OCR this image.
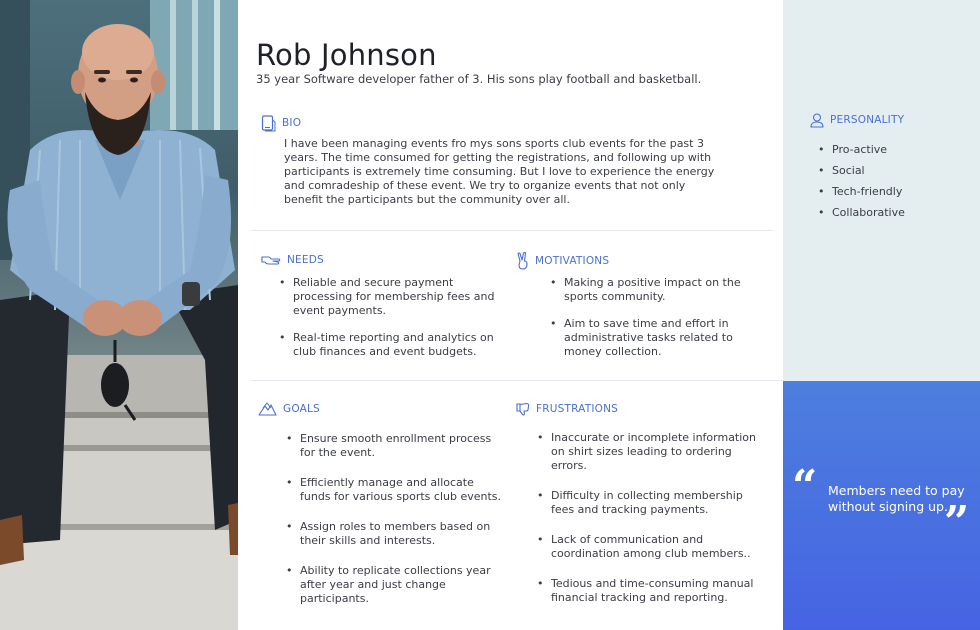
Rob Johnson
35 year Software developer father of 3. His sons play football and basketball.
BIO
I have been managing events fro mys sons sports club events for the past 3 years. The time consumed for getting the registrations, and following up with participants is extremely time consuming. But I love to experience the energy and comradeship of these event. We try to organize events that not only benefit the participants but the community over all.
NEEDS
• Reliable and secure payment processing for membership fees and event payments.
• Real-time reporting and analytics on club finances and event budgets.
MOTIVATIONS
• Making a positive impact on the sports community.
• Aim to save time and effort in administrative tasks related to money collection.
GOALS
• Ensure smooth enrollment process for the event.
• Efficiently manage and allocate funds for various sports club events.
• Assign roles to members based on their skills and interests.
• Ability to replicate collections year after year and just change participants.
FRUSTRATIONS
• Inaccurate or incomplete information on shirt sizes leading to ordering errors.
• Difficulty in collecting membership fees and tracking payments.
• Lack of communication and coordination among club members..
• Tedious and time-consuming manual financial tracking and reporting.
PERSONALITY
• Pro-active
• Social
• Tech-friendly
• Collaborative
“ Members need to pay without signing up.
”
